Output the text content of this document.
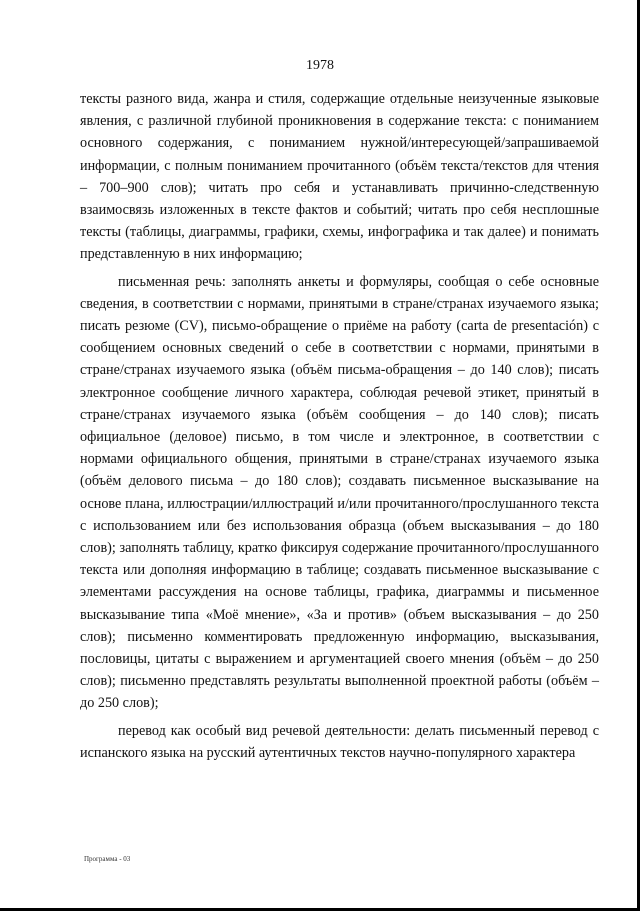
1978

тексты разного вида, жанра и стиля, содержащие отдельные неизученные языковые явления, с различной глубиной проникновения в содержание текста: с пониманием основного содержания, с пониманием нужной/интересующей/запрашиваемой информации, с полным пониманием прочитанного (объём текста/текстов для чтения – 700–900 слов); читать про себя и устанавливать причинно-следственную взаимосвязь изложенных в тексте фактов и событий; читать про себя несплошные тексты (таблицы, диаграммы, графики, схемы, инфографика и так далее) и понимать представленную в них информацию;

письменная речь: заполнять анкеты и формуляры, сообщая о себе основные сведения, в соответствии с нормами, принятыми в стране/странах изучаемого языка; писать резюме (CV), письмо-обращение о приёме на работу (carta de presentación) с сообщением основных сведений о себе в соответствии с нормами, принятыми в стране/странах изучаемого языка (объём письма-обращения – до 140 слов); писать электронное сообщение личного характера, соблюдая речевой этикет, принятый в стране/странах изучаемого языка (объём сообщения – до 140 слов); писать официальное (деловое) письмо, в том числе и электронное, в соответствии с нормами официального общения, принятыми в стране/странах изучаемого языка (объём делового письма – до 180 слов); создавать письменное высказывание на основе плана, иллюстрации/иллюстраций и/или прочитанного/прослушанного текста с использованием или без использования образца (объем высказывания – до 180 слов); заполнять таблицу, кратко фиксируя содержание прочитанного/прослушанного текста или дополняя информацию в таблице; создавать письменное высказывание с элементами рассуждения на основе таблицы, графика, диаграммы и письменное высказывание типа «Моё мнение», «За и против» (объем высказывания – до 250 слов); письменно комментировать предложенную информацию, высказывания, пословицы, цитаты с выражением и аргументацией своего мнения (объём – до 250 слов); письменно представлять результаты выполненной проектной работы (объём – до 250 слов);

перевод как особый вид речевой деятельности: делать письменный перевод с испанского языка на русский аутентичных текстов научно-популярного характера

Программа - 03
